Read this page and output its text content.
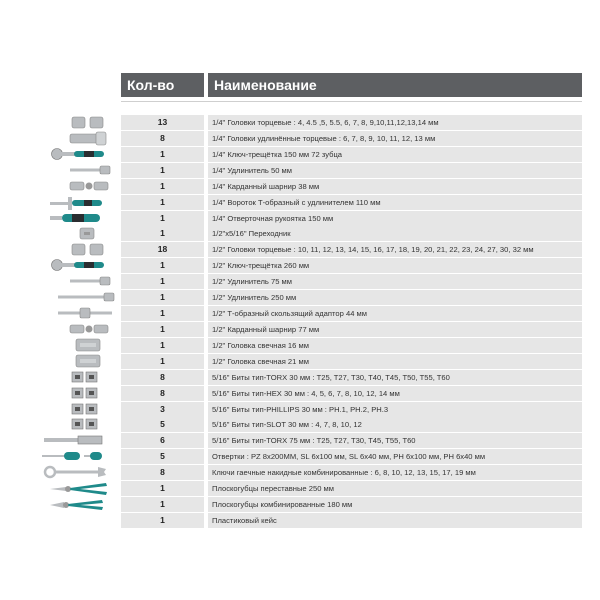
Кол-во	Наименование
13	1/4" Головки торцевые : 4, 4.5 ,5, 5.5, 6, 7, 8, 9,10,11,12,13,14 мм
8	1/4" Головки удлинённые торцевые : 6, 7, 8, 9, 10, 11, 12, 13 мм
1	1/4" Ключ-трещётка 150 мм 72 зубца
1	1/4" Удлинитель 50 мм
1	1/4" Карданный шарнир 38 мм
1	1/4" Вороток Т-образный с удлинителем 110 мм
1	1/4" Отверточная рукоятка 150 мм
1	1/2"х5/16" Переходник
18	1/2" Головки торцевые : 10, 11, 12, 13, 14, 15, 16, 17, 18, 19, 20, 21, 22, 23, 24, 27, 30, 32 мм
1	1/2" Ключ-трещётка 260 мм
1	1/2" Удлинитель 75 мм
1	1/2" Удлинитель 250 мм
1	1/2" Т-образный скользящий адаптор 44 мм
1	1/2" Карданный шарнир 77 мм
1	1/2" Головка свечная 16 мм
1	1/2" Головка свечная 21 мм
8	5/16" Биты тип-TORX 30 мм : T25, T27, T30, T40, T45, T50, T55, T60
8	5/16" Биты тип-HEX 30 мм : 4, 5, 6, 7, 8, 10, 12, 14 мм
3	5/16" Биты тип-PHILLIPS 30 мм : PH.1, PH.2, PH.3
5	5/16" Биты тип-SLOT 30 мм : 4, 7, 8, 10, 12
6	5/16" Биты тип-TORX 75 мм : T25, T27, T30, T45, T55, T60
5	Отвертки : PZ 8х200MM, SL 6х100 мм, SL 6х40 мм, PH 6х100 мм, PH 6х40 мм
8	Ключи гаечные накидные комбинированные : 6, 8, 10, 12, 13, 15, 17, 19 мм
1	Плоскогубцы переставные 250 мм
1	Плоскогубцы комбинированные 180 мм
1	Пластиковый кейс
